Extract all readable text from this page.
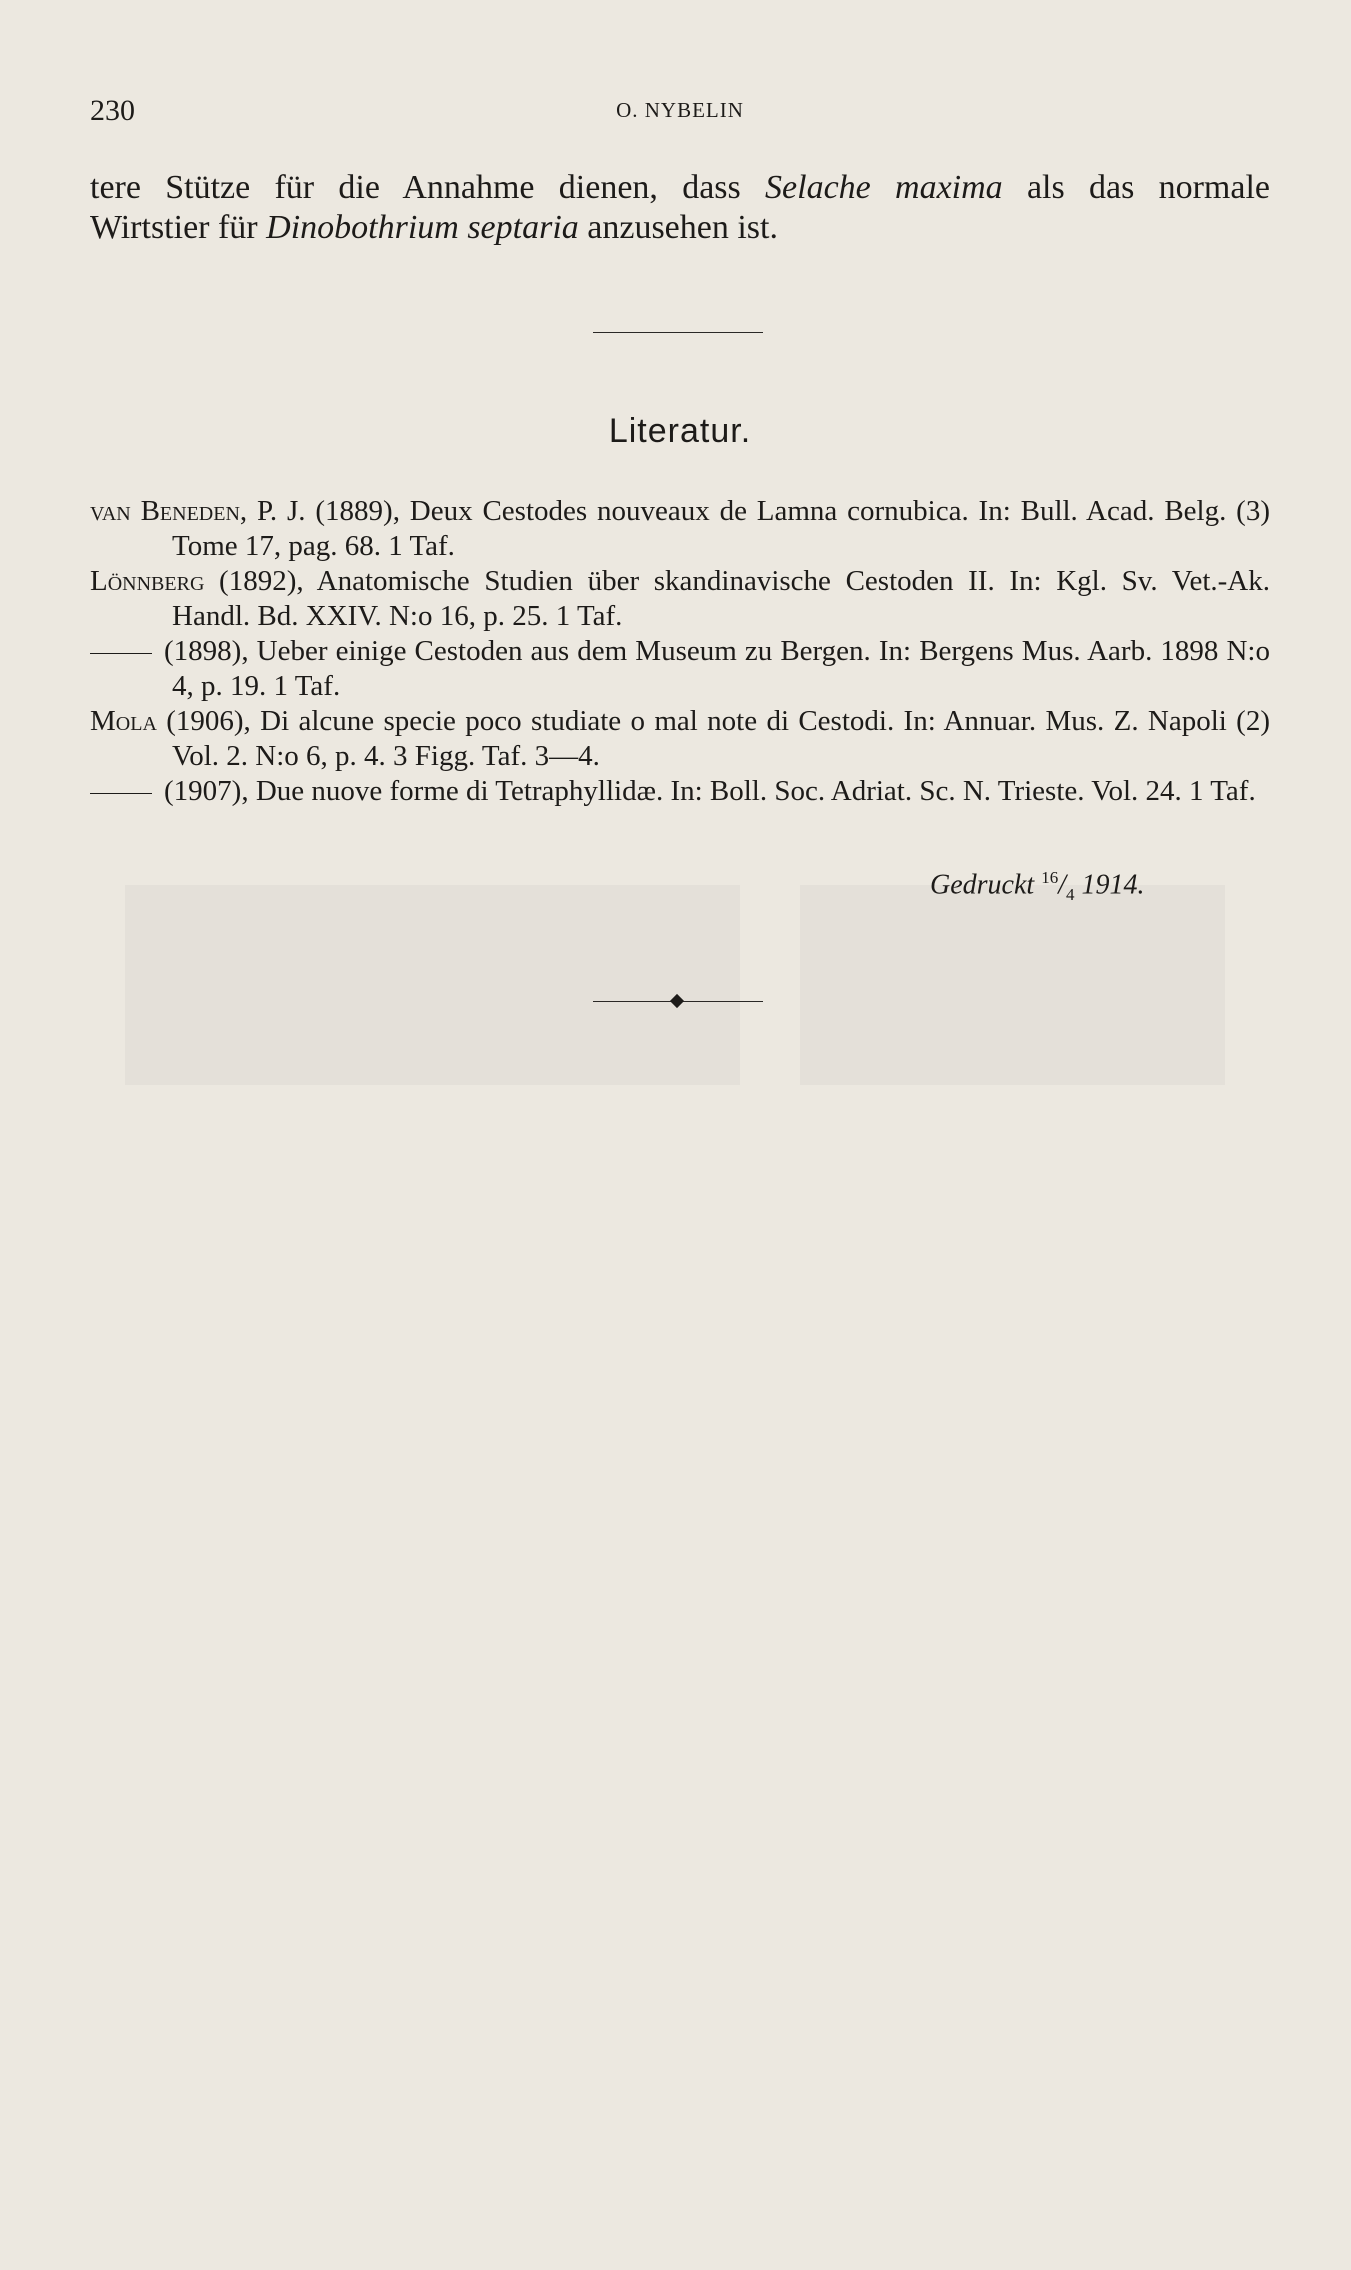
230	O. NYBELIN
tere Stütze für die Annahme dienen, dass Selache maxima als das normale
Wirtstier für Dinobothrium septaria anzusehen ist.
Literatur.
van Beneden, P. J. (1889), Deux Cestodes nouveaux de Lamna cornubica. In: Bull. Acad. Belg. (3) Tome 17, pag. 68. 1 Taf.
Lönnberg (1892), Anatomische Studien über skandinavische Cestoden II. In: Kgl. Sv. Vet.-Ak. Handl. Bd. XXIV. N:o 16, p. 25. 1 Taf.
(1898), Ueber einige Cestoden aus dem Museum zu Bergen. In: Bergens Mus. Aarb. 1898 N:o 4, p. 19. 1 Taf.
Mola (1906), Di alcune specie poco studiate o mal note di Cestodi. In: Annuar. Mus. Z. Napoli (2) Vol. 2. N:o 6, p. 4. 3 Figg. Taf. 3—4.
(1907), Due nuove forme di Tetraphyllidæ. In: Boll. Soc. Adriat. Sc. N. Trieste. Vol. 24. 1 Taf.
Gedruckt $^{16}/_4$ 1914.
